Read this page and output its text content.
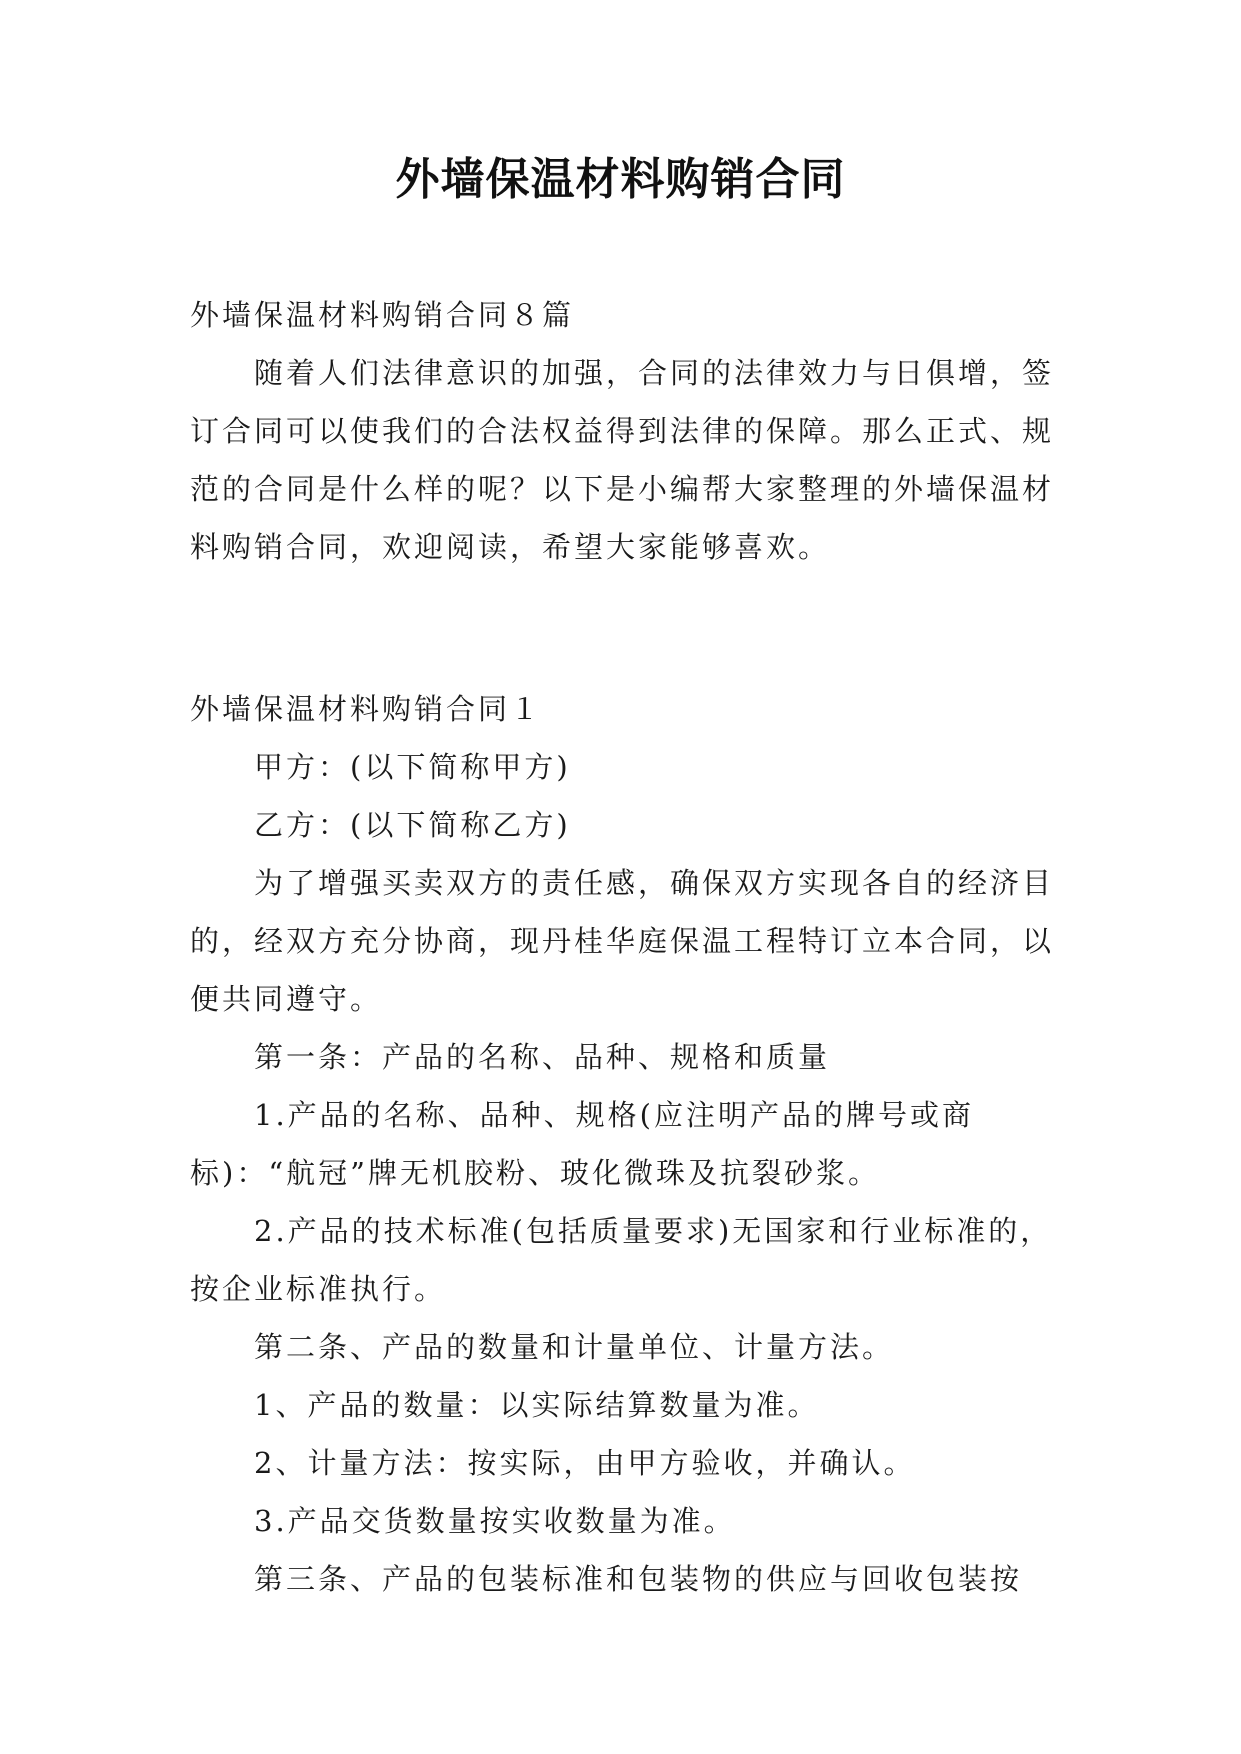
外墙保温材料购销合同

外墙保温材料购销合同８篇

随着人们法律意识的加强，合同的法律效力与日俱增，签订合同可以使我们的合法权益得到法律的保障。那么正式、规范的合同是什么样的呢？以下是小编帮大家整理的外墙保温材料购销合同，欢迎阅读，希望大家能够喜欢。

外墙保温材料购销合同１

甲方：(以下简称甲方)

乙方：(以下简称乙方)

为了增强买卖双方的责任感，确保双方实现各自的经济目的，经双方充分协商，现丹桂华庭保温工程特订立本合同，以便共同遵守。

第一条：产品的名称、品种、规格和质量

1.产品的名称、品种、规格(应注明产品的牌号或商标)：“航冠”牌无机胶粉、玻化微珠及抗裂砂浆。

2.产品的技术标准(包括质量要求)无国家和行业标准的，按企业标准执行。

第二条、产品的数量和计量单位、计量方法。

1、产品的数量：以实际结算数量为准。

2、计量方法：按实际，由甲方验收，并确认。

3.产品交货数量按实收数量为准。

第三条、产品的包装标准和包装物的供应与回收包装按
